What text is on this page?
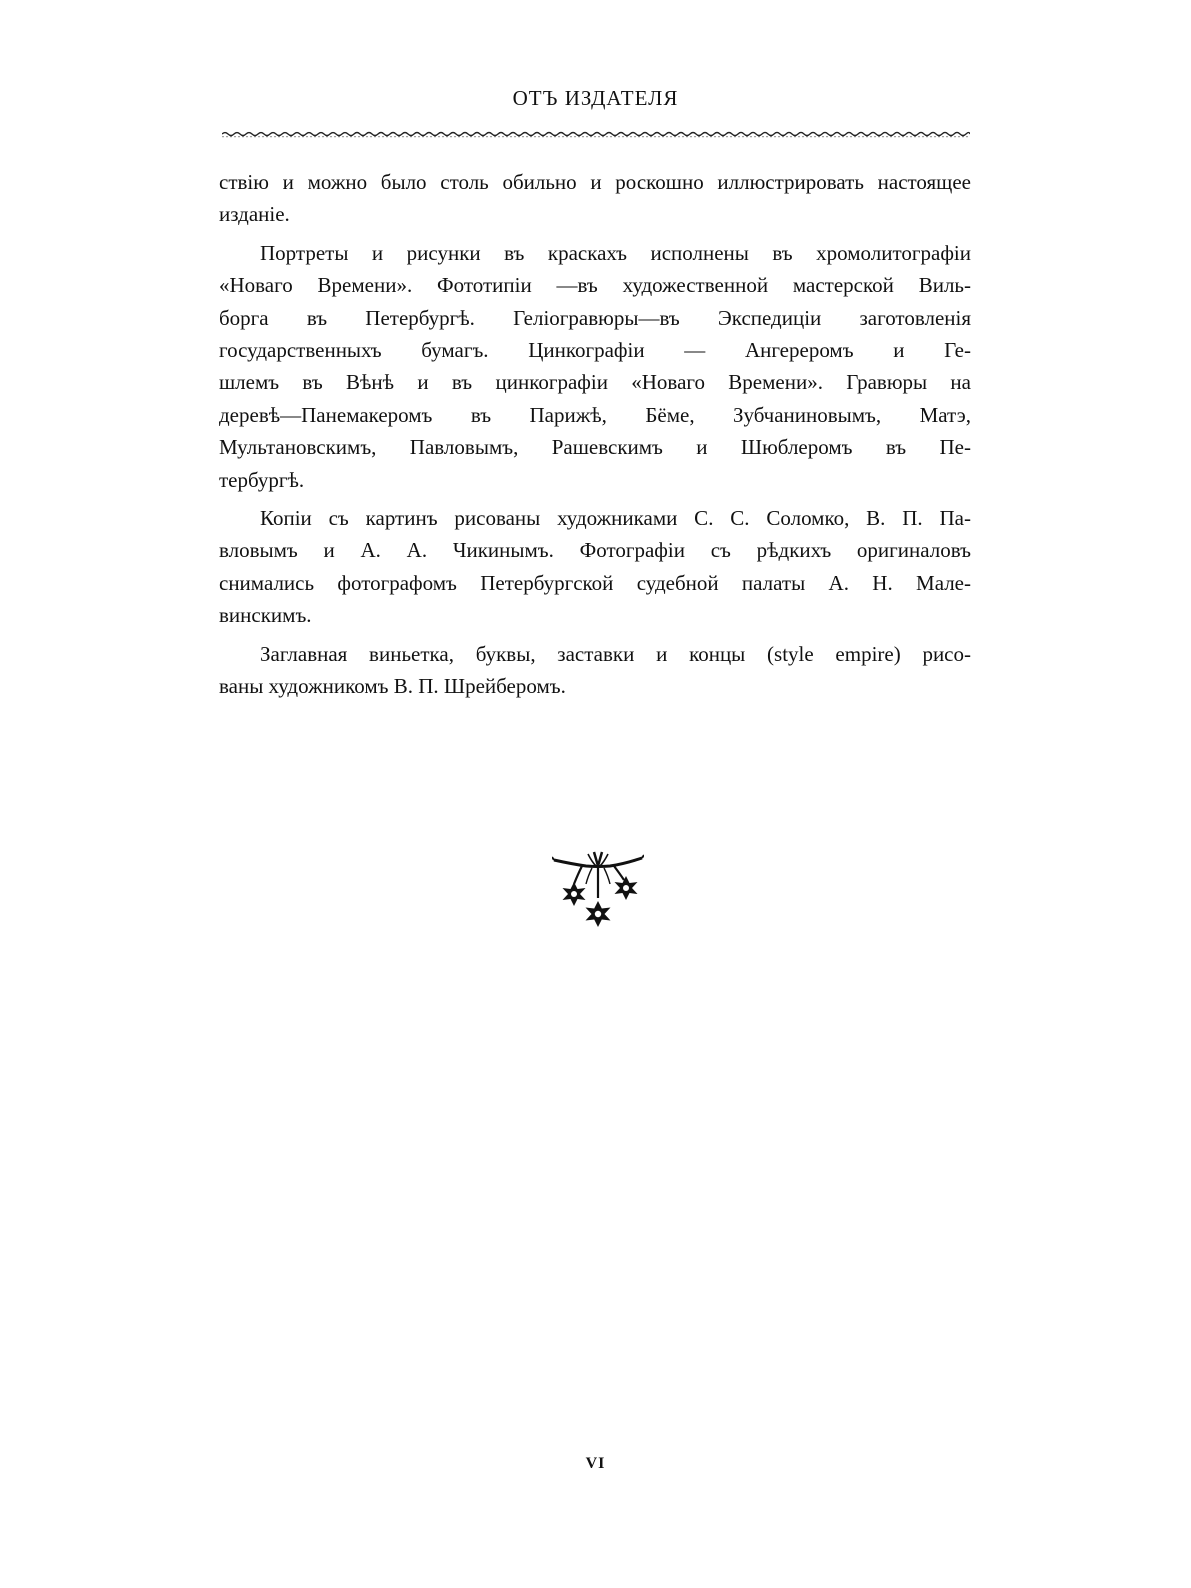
ОТЪ ИЗДАТЕЛЯ

ствію и можно было столь обильно и роскошно иллюстрировать настоящее
изданіе.

Портреты и рисунки въ краскахъ исполнены въ хромолитографіи
«Новаго Времени». Фототипіи —въ художественной мастерской Виль-
борга въ Петербургѣ. Геліогравюры—въ Экспедиціи заготовленія
государственныхъ бумагъ. Цинкографіи — Ангереромъ и Ге-
шлемъ въ Вѣнѣ и въ цинкографіи «Новаго Времени». Гравюры на
деревѣ—Панемакеромъ въ Парижѣ, Бёме, Зубчаниновымъ, Матэ,
Мультановскимъ, Павловымъ, Рашевскимъ и Шюблеромъ въ Пе-
тербургѣ.

Копіи съ картинъ рисованы художниками С. С. Соломко, В. П. Па-
вловымъ и А. А. Чикинымъ. Фотографіи съ рѣдкихъ оригиналовъ
снимались фотографомъ Петербургской судебной палаты А. Н. Мале-
винскимъ.

Заглавная виньетка, буквы, заставки и концы (style empire) рисо-
ваны художникомъ В. П. Шрейберомъ.

VI
